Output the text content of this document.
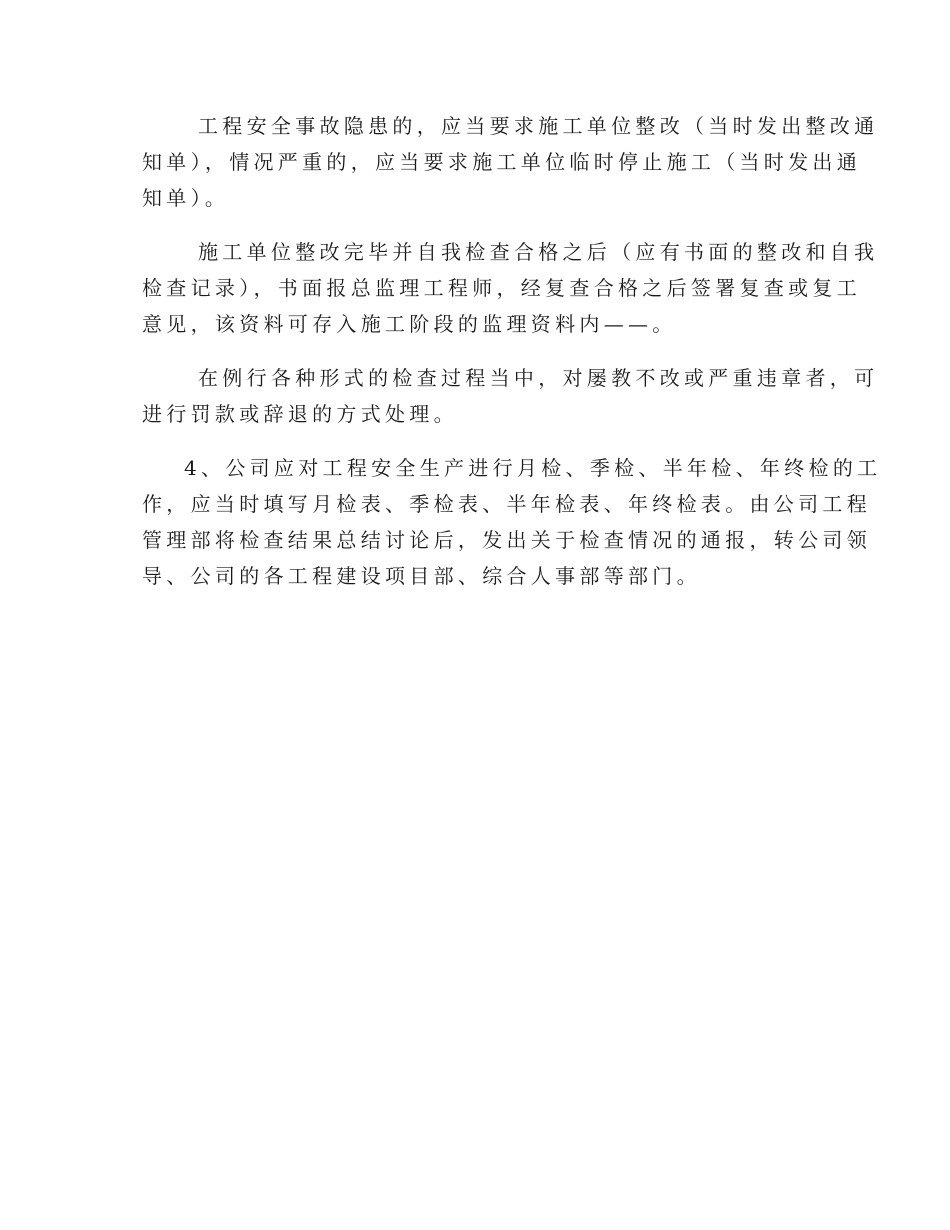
工程安全事故隐患的，应当要求施工单位整改（当时发出整改通
知单），情况严重的，应当要求施工单位临时停止施工（当时发出通
知单）。
施工单位整改完毕并自我检查合格之后（应有书面的整改和自我
检查记录），书面报总监理工程师，经复查合格之后签署复查或复工
意见，该资料可存入施工阶段的监理资料内——。
在例行各种形式的检查过程当中，对屡教不改或严重违章者，可
进行罚款或辞退的方式处理。
4、公司应对工程安全生产进行月检、季检、半年检、年终检的工
作，应当时填写月检表、季检表、半年检表、年终检表。由公司工程
管理部将检查结果总结讨论后，发出关于检查情况的通报，转公司领
导、公司的各工程建设项目部、综合人事部等部门。
